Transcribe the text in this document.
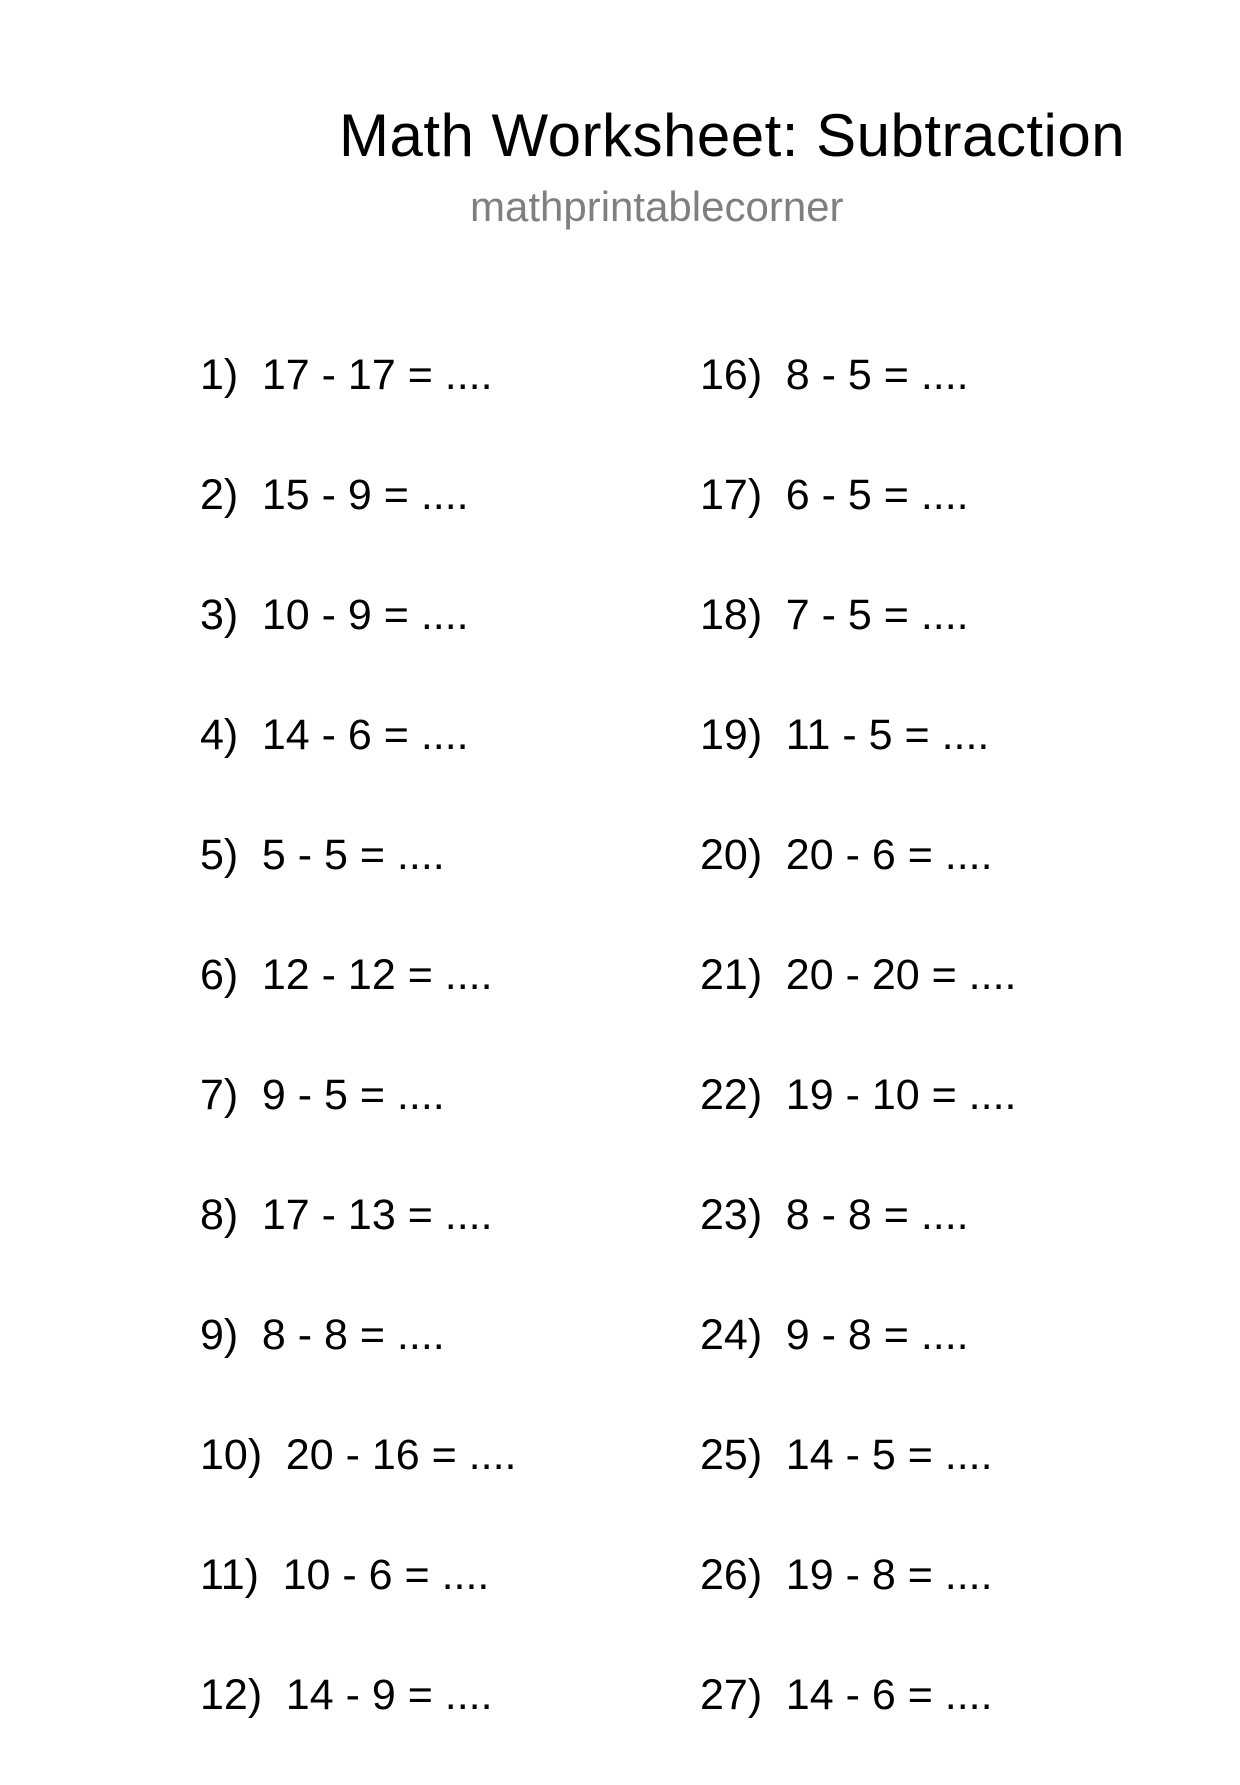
Math Worksheet: Subtraction
mathprintablecorner
1) 17 - 17 = ....
2) 15 - 9 = ....
3) 10 - 9 = ....
4) 14 - 6 = ....
5) 5 - 5 = ....
6) 12 - 12 = ....
7) 9 - 5 = ....
8) 17 - 13 = ....
9) 8 - 8 = ....
10) 20 - 16 = ....
11) 10 - 6 = ....
12) 14 - 9 = ....
16) 8 - 5 = ....
17) 6 - 5 = ....
18) 7 - 5 = ....
19) 11 - 5 = ....
20) 20 - 6 = ....
21) 20 - 20 = ....
22) 19 - 10 = ....
23) 8 - 8 = ....
24) 9 - 8 = ....
25) 14 - 5 = ....
26) 19 - 8 = ....
27) 14 - 6 = ....
